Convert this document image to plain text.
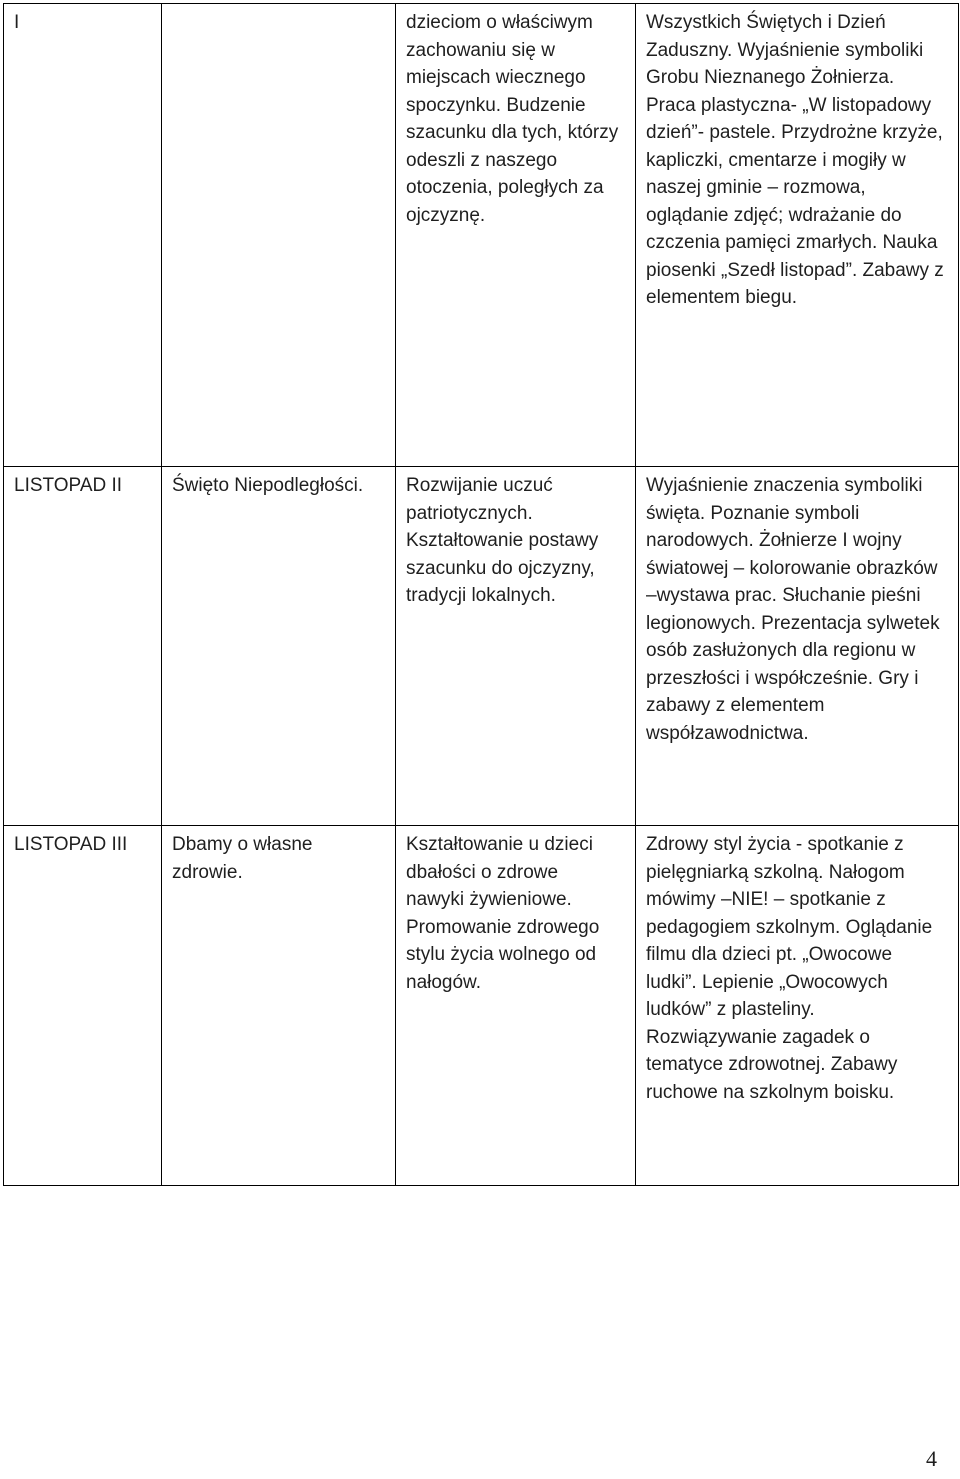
I		dzieciom o właściwym zachowaniu się w miejscach wiecznego spoczynku. Budzenie szacunku dla tych, którzy odeszli z naszego otoczenia, poległych za ojczyznę.	Wszystkich Świętych i Dzień Zaduszny. Wyjaśnienie symboliki Grobu Nieznanego Żołnierza. Praca plastyczna- „W listopadowy dzień”- pastele. Przydrożne krzyże, kapliczki, cmentarze i mogiły w naszej gminie – rozmowa, oglądanie zdjęć; wdrażanie do czczenia pamięci zmarłych. Nauka piosenki „Szedł listopad”. Zabawy z elementem biegu.

LISTOPAD II	Święto Niepodległości.	Rozwijanie uczuć patriotycznych. Kształtowanie postawy szacunku do ojczyzny, tradycji lokalnych.	Wyjaśnienie znaczenia symboliki święta. Poznanie symboli narodowych. Żołnierze I wojny światowej – kolorowanie obrazków –wystawa prac. Słuchanie pieśni legionowych. Prezentacja sylwetek osób zasłużonych dla regionu w przeszłości i współcześnie. Gry i zabawy z elementem współzawodnictwa.

LISTOPAD III	Dbamy o własne zdrowie.	Kształtowanie u dzieci dbałości o zdrowe nawyki żywieniowe. Promowanie zdrowego stylu życia wolnego od nałogów.	Zdrowy styl życia - spotkanie z pielęgniarką szkolną. Nałogom mówimy –NIE! – spotkanie z pedagogiem szkolnym. Oglądanie filmu dla dzieci pt. „Owocowe ludki”. Lepienie „Owocowych ludków” z plasteliny. Rozwiązywanie zagadek o tematyce zdrowotnej. Zabawy ruchowe na szkolnym boisku.
4
